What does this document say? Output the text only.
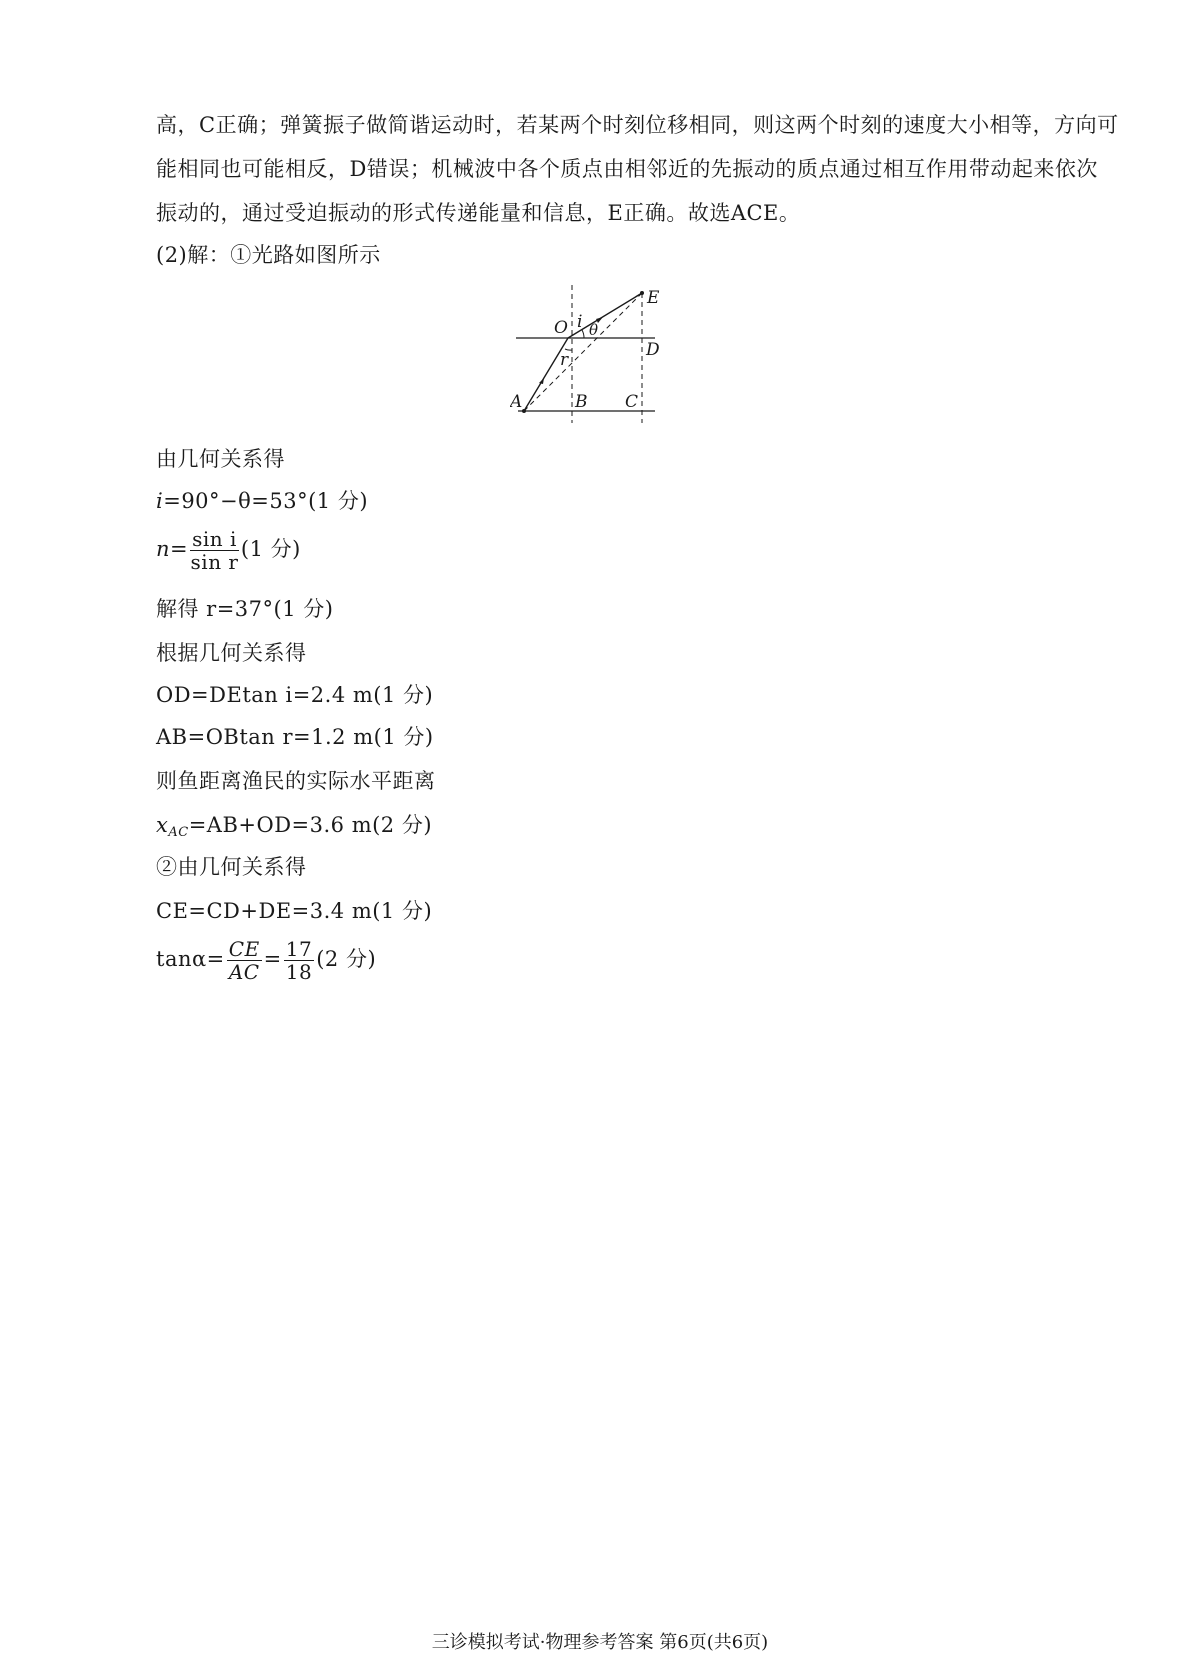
高，C正确；弹簧振子做简谐运动时，若某两个时刻位移相同，则这两个时刻的速度大小相等，方向可
能相同也可能相反，D错误；机械波中各个质点由相邻近的先振动的质点通过相互作用带动起来依次
振动的，通过受迫振动的形式传递能量和信息，E正确。故选ACE。
(2)解：①光路如图所示
E
O i θ
D
r
A	B C
由几何关系得
i=90°−θ=53°(1 分)
$n= \frac{\text{sin i}}{\text{sin r}} (1$ 分)
解得 r=37°(1 分)
根据几何关系得
OD=DEtan i=2.4 m(1 分)
AB=OBtan r=1.2 m(1 分)
则鱼距离渔民的实际水平距离
$x_{AC}=AB+OD=3.6$ m(2 分)
②由几何关系得
CE=CD+DE=3.4 m(1 分)
$\tan\alpha= \frac{CE}{AC} = \frac{17}{18} (2$ 分)
三诊模拟考试·物理参考答案 第6页(共6页)
